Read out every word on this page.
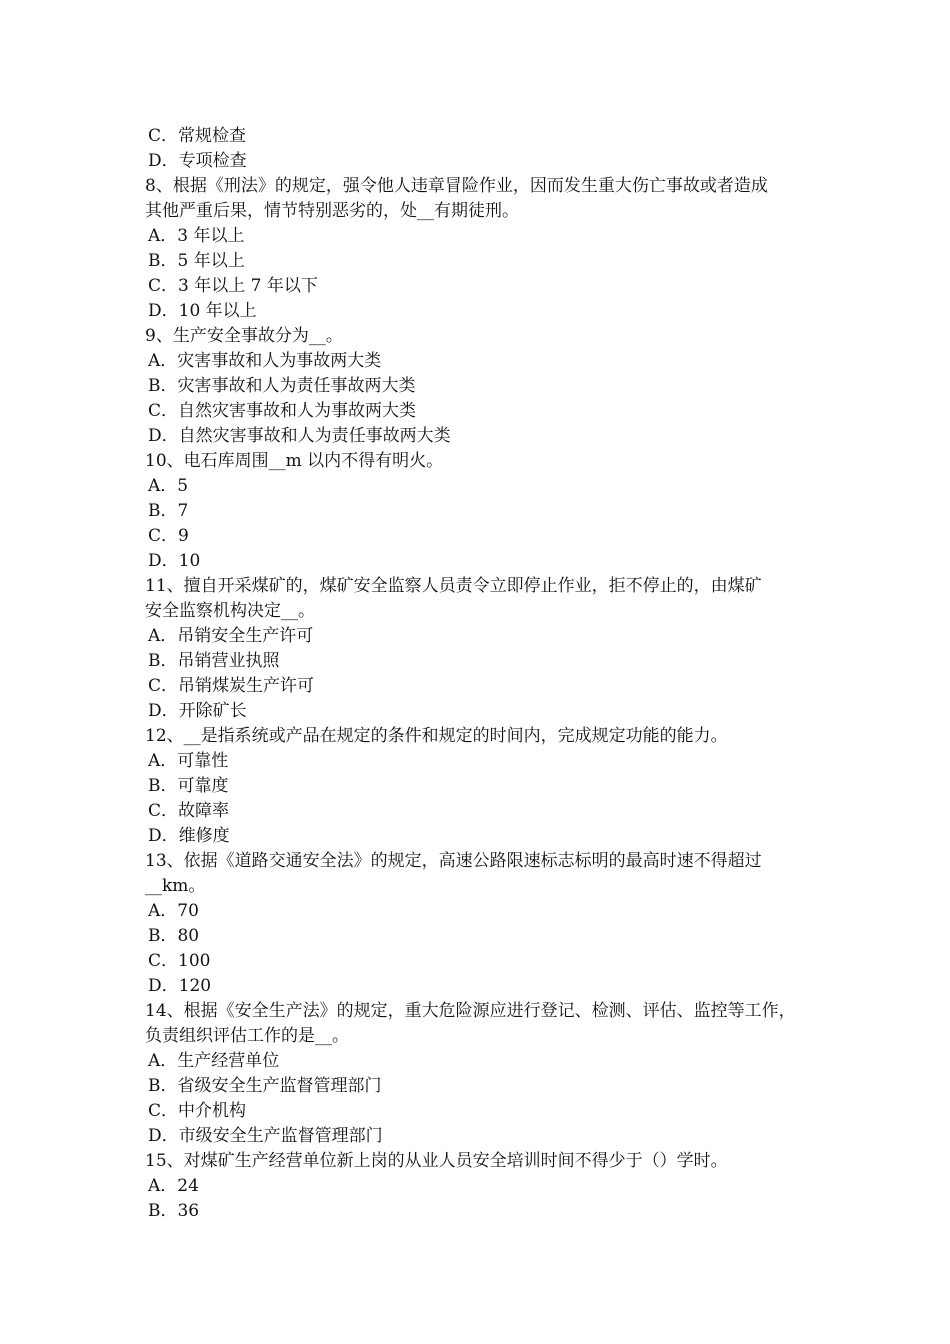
C．常规检查
D．专项检查
8、根据《刑法》的规定，强令他人违章冒险作业，因而发生重大伤亡事故或者造成
其他严重后果，情节特别恶劣的，处__有期徒刑。
A．3 年以上
B．5 年以上
C．3 年以上 7 年以下
D．10 年以上
9、生产安全事故分为__。
A．灾害事故和人为事故两大类
B．灾害事故和人为责任事故两大类
C．自然灾害事故和人为事故两大类
D．自然灾害事故和人为责任事故两大类
10、电石库周围__m 以内不得有明火。
A．5
B．7
C．9
D．10
11、擅自开采煤矿的，煤矿安全监察人员责令立即停止作业，拒不停止的，由煤矿
安全监察机构决定__。
A．吊销安全生产许可
B．吊销营业执照
C．吊销煤炭生产许可
D．开除矿长
12、__是指系统或产品在规定的条件和规定的时间内，完成规定功能的能力。
A．可靠性
B．可靠度
C．故障率
D．维修度
13、依据《道路交通安全法》的规定，高速公路限速标志标明的最高时速不得超过
__km。
A．70
B．80
C．100
D．120
14、根据《安全生产法》的规定，重大危险源应进行登记、检测、评估、监控等工作，
负责组织评估工作的是__。
A．生产经营单位
B．省级安全生产监督管理部门
C．中介机构
D．市级安全生产监督管理部门
15、对煤矿生产经营单位新上岗的从业人员安全培训时间不得少于（）学时。
A．24
B．36
